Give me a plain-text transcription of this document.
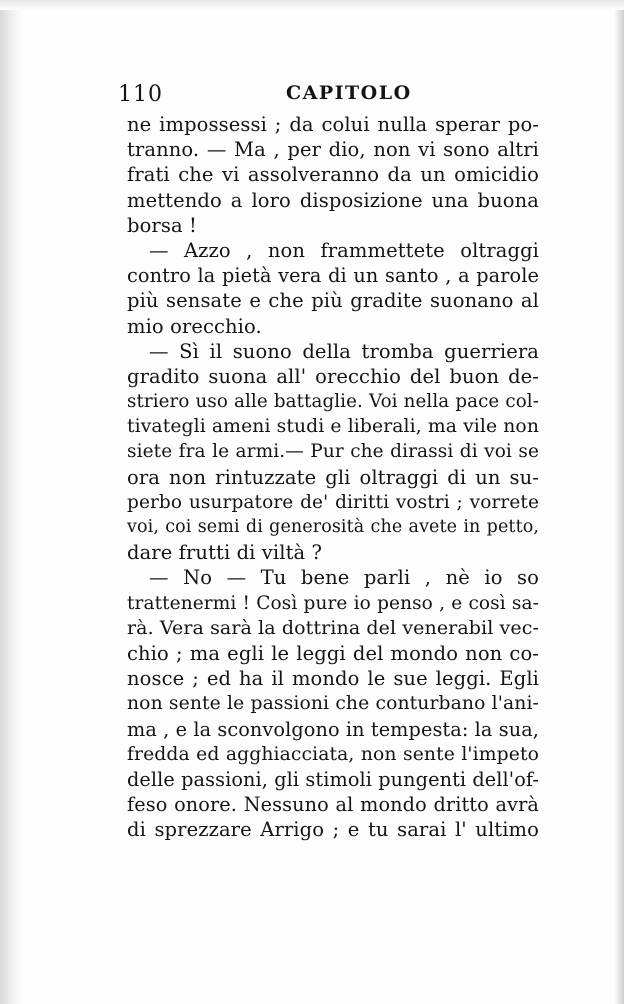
110	CAPITOLO
ne impossessi ; da colui nulla sperar po-
tranno. — Ma , per dio, non vi sono altri
frati che vi assolveranno da un omicidio
mettendo a loro disposizione una buona
borsa !
— Azzo , non frammettete oltraggi
contro la pietà vera di un santo , a parole
più sensate e che più gradite suonano al
mio orecchio.
— Sì il suono della tromba guerriera
gradito suona all' orecchio del buon de-
striero uso alle battaglie. Voi nella pace col-
tivategli ameni studi e liberali, ma vile non
siete fra le armi.— Pur che dirassi di voi se
ora non rintuzzate gli oltraggi di un su-
perbo usurpatore de' diritti vostri ; vorrete
voi, coi semi di generosità che avete in petto,
dare frutti di viltà ?
— No — Tu bene parli , nè io so
trattenermi ! Così pure io penso , e così sa-
rà. Vera sarà la dottrina del venerabil vec-
chio ; ma egli le leggi del mondo non co-
nosce ; ed ha il mondo le sue leggi. Egli
non sente le passioni che conturbano l'ani-
ma , e la sconvolgono in tempesta: la sua,
fredda ed agghiacciata, non sente l'impeto
delle passioni, gli stimoli pungenti dell'of-
feso onore. Nessuno al mondo dritto avrà
di sprezzare Arrigo ; e tu sarai l' ultimo
